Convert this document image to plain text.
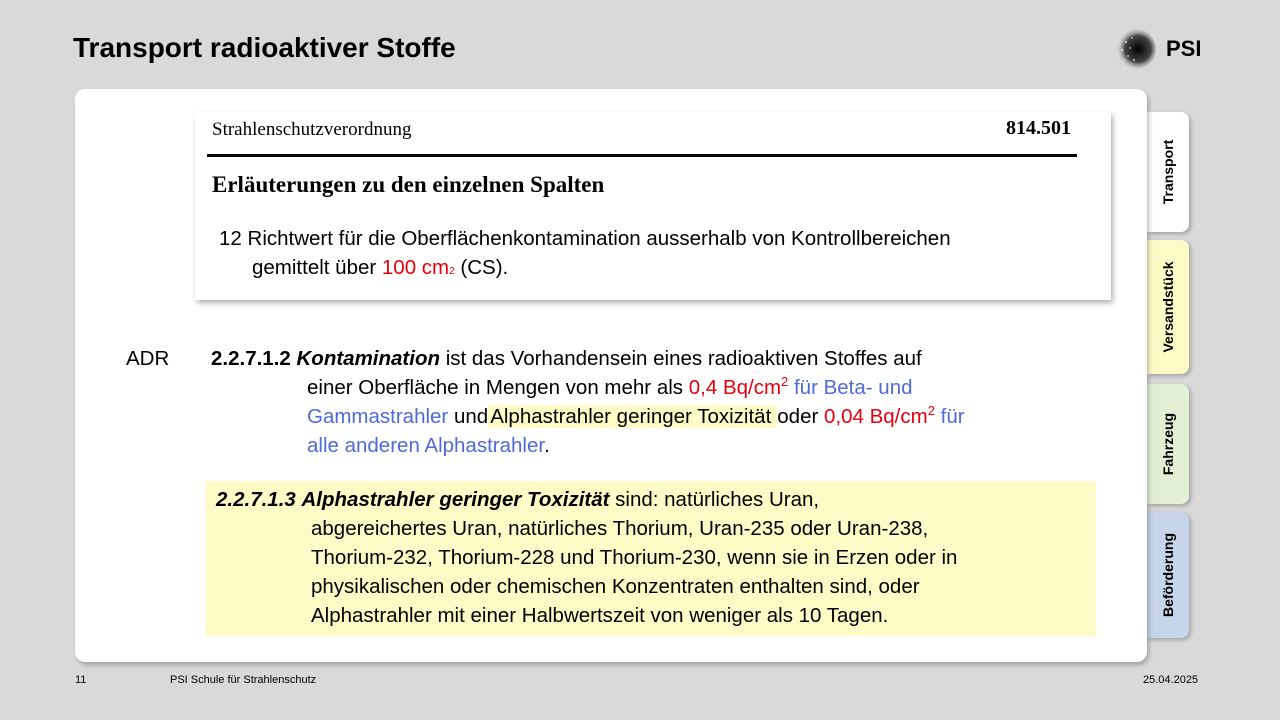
Transport radioaktiver Stoffe	PSI
Transport
Versandstück
Fahrzeug
Beförderung
Strahlenschutzverordnung	814.501
Erläuterungen zu den einzelnen Spalten
12 Richtwert für die Oberflächenkontamination ausserhalb von Kontrollbereichen
gemittelt über 100 cm2 (CS).
ADR 2.2.7.1.2 Kontamination ist das Vorhandensein eines radioaktiven Stoffes auf
einer Oberfläche in Mengen von mehr als 0,4 $Bq/cm^2$ für Beta- und
Gammastrahler undAlphastrahler geringer Toxizität oder 0,04 $Bq/cm^2$ für
alle anderen Alphastrahler.
2.2.7.1.3 Alphastrahler geringer Toxizität sind: natürliches Uran,
abgereichertes Uran, natürliches Thorium, Uran-235 oder Uran-238,
Thorium-232, Thorium-228 und Thorium-230, wenn sie in Erzen oder in
physikalischen oder chemischen Konzentraten enthalten sind, oder
Alphastrahler mit einer Halbwertszeit von weniger als 10 Tagen.
11	PSI Schule für Strahlenschutz	25.04.2025
